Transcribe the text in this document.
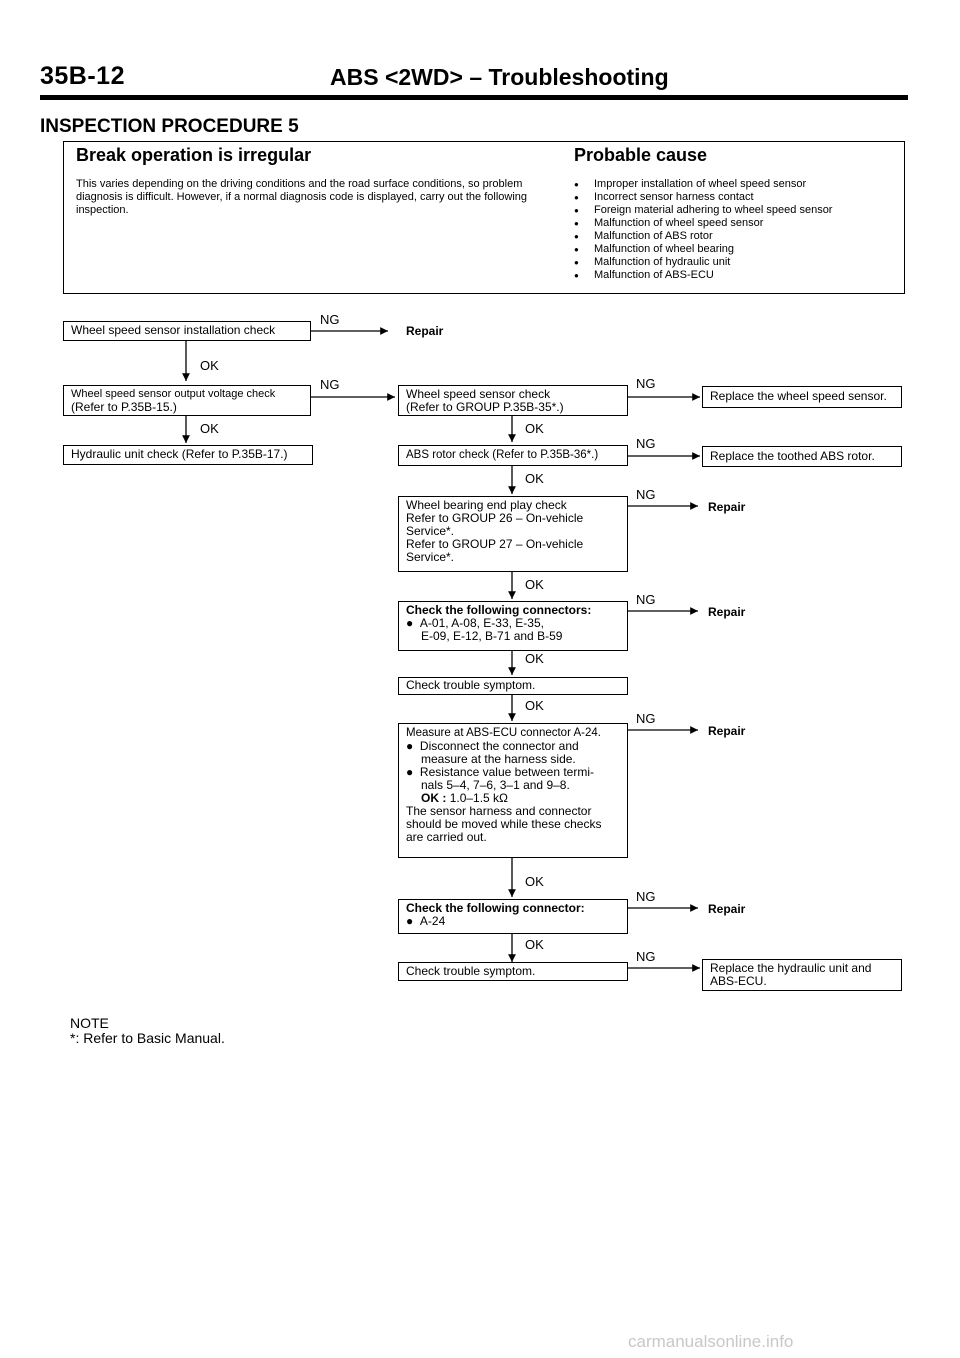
35B-12	ABS <2WD> – Troubleshooting
INSPECTION PROCEDURE 5
Break operation is irregular
This varies depending on the driving conditions and the road surface conditions, so problem diagnosis is difficult. However, if a normal diagnosis code is displayed, carry out the following inspection.
Probable cause
● Improper installation of wheel speed sensor
● Incorrect sensor harness contact
● Foreign material adhering to wheel speed sensor
● Malfunction of wheel speed sensor
● Malfunction of ABS rotor
● Malfunction of wheel bearing
● Malfunction of hydraulic unit
● Malfunction of ABS-ECU
Wheel speed sensor installation check
Wheel speed sensor output voltage check
(Refer to P.35B-15.)
Hydraulic unit check (Refer to P.35B-17.)
Wheel speed sensor check
(Refer to GROUP P.35B-35*.)
ABS rotor check (Refer to P.35B-36*.)
Wheel bearing end play check
Refer to GROUP 26 – On-vehicle
Service*.
Refer to GROUP 27 – On-vehicle
Service*.
Check the following connectors:
●  A-01, A-08, E-33, E-35,
E-09, E-12, B-71 and B-59
Check trouble symptom.
Measure at ABS-ECU connector A-24.
●  Disconnect the connector and
measure at the harness side.
●  Resistance value between termi-
nals 5–4, 7–6, 3–1 and 9–8.
OK : 1.0–1.5 kΩ
The sensor harness and connector
should be moved while these checks
are carried out.
Check the following connector:
●  A-24
Check trouble symptom.
Replace the wheel speed sensor.
Replace the toothed ABS rotor.
Replace the hydraulic unit and
ABS-ECU.
Repair
Repair
Repair
Repair
Repair
NG
NG	NG
NG
NG
NG
NG
NG
NG
OK
OK	OK
OK
OK
OK
OK
OK
OK
NOTE
*: Refer to Basic Manual.
carmanualsonline.info
